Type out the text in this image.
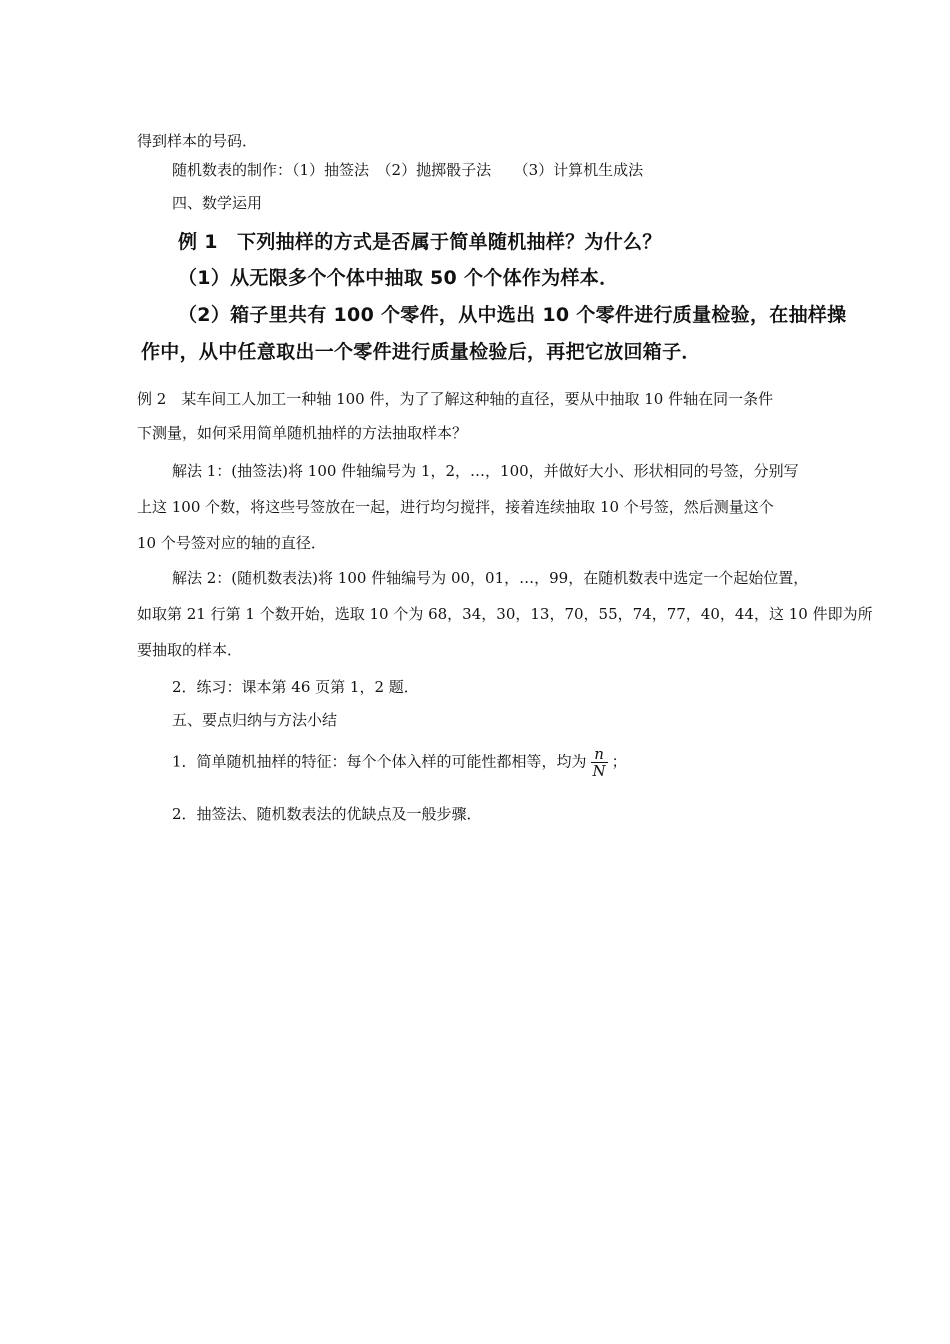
得到样本的号码．
随机数表的制作：（1）抽签法　（2）抛掷骰子法　　（3）计算机生成法
四、数学运用
例 1　下列抽样的方式是否属于简单随机抽样？为什么？
（1）从无限多个个体中抽取 50 个个体作为样本．
（2）箱子里共有 100 个零件，从中选出 10 个零件进行质量检验，在抽样操
作中，从中任意取出一个零件进行质量检验后，再把它放回箱子．
例 2　某车间工人加工一种轴 100 件，为了了解这种轴的直径，要从中抽取 10 件轴在同一条件
下测量，如何采用简单随机抽样的方法抽取样本？
解法 1：(抽签法)将 100 件轴编号为 1，2，…，100，并做好大小、形状相同的号签，分别写
上这 100 个数，将这些号签放在一起，进行均匀搅拌，接着连续抽取 10 个号签，然后测量这个
10 个号签对应的轴的直径．
解法 2：(随机数表法)将 100 件轴编号为 00，01，…，99，在随机数表中选定一个起始位置，
如取第 21 行第 1 个数开始，选取 10 个为 68，34，30，13，70，55，74，77，40，44，这 10 件即为所
要抽取的样本．
2．练习：课本第 46 页第 1，2 题．
五、要点归纳与方法小结
1．简单随机抽样的特征：每个个体入样的可能性都相等，均为 $\frac{n}{N}$ ；
2．抽签法、随机数表法的优缺点及一般步骤．
